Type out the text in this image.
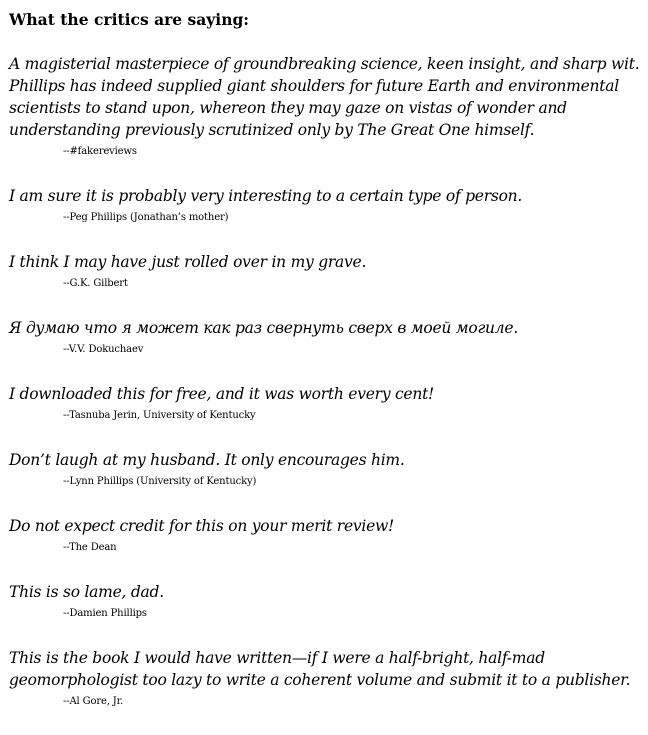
What the critics are saying:
A magisterial masterpiece of groundbreaking science, keen insight, and sharp wit.
Phillips has indeed supplied giant shoulders for future Earth and environmental
scientists to stand upon, whereon they may gaze on vistas of wonder and
understanding previously scrutinized only by The Great One himself.
--#fakereviews
I am sure it is probably very interesting to a certain type of person.
--Peg Phillips (Jonathan’s mother)
I think I may have just rolled over in my grave.
--G.K. Gilbert
Я думаю что я может как раз свернуть сверх в моей могиле.
--V.V. Dokuchaev
I downloaded this for free, and it was worth every cent!
--Tasnuba Jerin, University of Kentucky
Don’t laugh at my husband. It only encourages him.
--Lynn Phillips (University of Kentucky)
Do not expect credit for this on your merit review!
--The Dean
This is so lame, dad.
--Damien Phillips
This is the book I would have written—if I were a half-bright, half-mad
geomorphologist too lazy to write a coherent volume and submit it to a publisher.
--Al Gore, Jr.
